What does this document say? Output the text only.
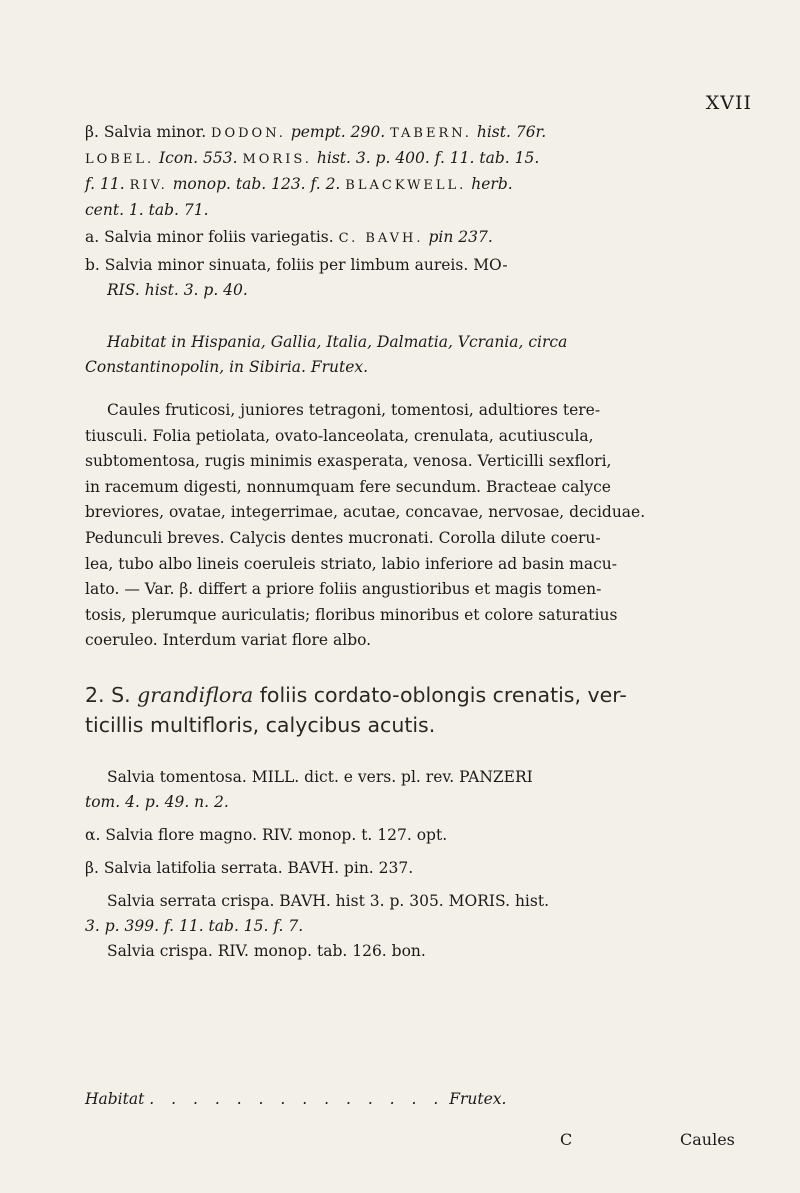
XVII

β. Salvia minor. DODON. pempt. 290. TABERN. hist. 76r.

LOBEL. Icon. 553. MORIS. hist. 3. p. 400. f. 11. tab. 15.

f. 11. RIV. monop. tab. 123. f. 2. BLACKWELL. herb.

cent. 1. tab. 71.

a. Salvia minor foliis variegatis. C. BAVH. pin 237.

b. Salvia minor sinuata, foliis per limbum aureis. MO-

RIS. hist. 3. p. 40.

Habitat in Hispania, Gallia, Italia, Dalmatia, Vcrania, circa

Constantinopolin, in Sibiria. Frutex.

Caules fruticosi, juniores tetragoni, tomentosi, adultiores tere-

tiusculi. Folia petiolata, ovato-lanceolata, crenulata, acutiuscula,

subtomentosa, rugis minimis exasperata, venosa. Verticilli sexflori,

in racemum digesti, nonnumquam fere secundum. Bracteae calyce

breviores, ovatae, integerrimae, acutae, concavae, nervosae, deciduae.

Pedunculi breves. Calycis dentes mucronati. Corolla dilute coeru-

lea, tubo albo lineis coeruleis striato, labio inferiore ad basin macu-

lato. — Var. β. differt a priore foliis angustioribus et magis tomen-

tosis, plerumque auriculatis; floribus minoribus et colore saturatius

coeruleo. Interdum variat flore albo.

2. S. grandiflora foliis cordato-oblongis crenatis, ver-

ticillis multifloris, calycibus acutis.

Salvia tomentosa. MILL. dict. e vers. pl. rev. PANZERI

tom. 4. p. 49. n. 2.

α. Salvia flore magno. RIV. monop. t. 127. opt.

β. Salvia latifolia serrata. BAVH. pin. 237.

Salvia serrata crispa. BAVH. hist 3. p. 305. MORIS. hist.

3. p. 399. f. 11. tab. 15. f. 7.

Salvia crispa. RIV. monop. tab. 126. bon.

Habitat . . . . . . . . . . . . . . Frutex.
C	Caules
